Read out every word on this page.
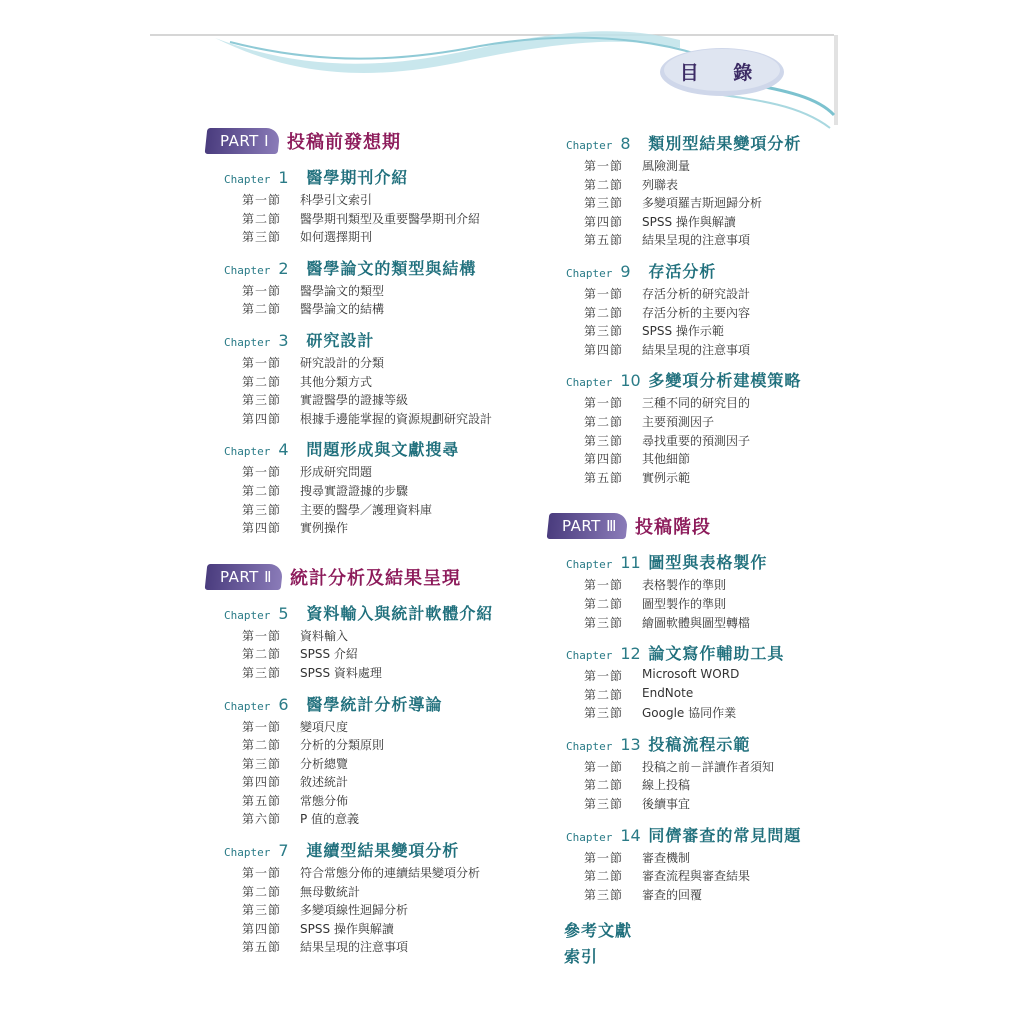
目 錄
PART Ⅰ 投稿前發想期
Chapter 1	醫學期刊介紹
第一節	科學引文索引
第二節	醫學期刊類型及重要醫學期刊介紹
第三節	如何選擇期刊
Chapter 2	醫學論文的類型與結構
第一節	醫學論文的類型
第二節	醫學論文的結構
Chapter 3	研究設計
第一節	研究設計的分類
第二節	其他分類方式
第三節	實證醫學的證據等級
第四節	根據手邊能掌握的資源規劃研究設計
Chapter 4	問題形成與文獻搜尋
第一節	形成研究問題
第二節	搜尋實證證據的步驟
第三節	主要的醫學／護理資料庫
第四節	實例操作
PART Ⅱ 統計分析及結果呈現
Chapter 5	資料輸入與統計軟體介紹
第一節	資料輸入
第二節	SPSS 介紹
第三節	SPSS 資料處理
Chapter 6	醫學統計分析導論
第一節	變項尺度
第二節	分析的分類原則
第三節	分析總覽
第四節	敘述統計
第五節	常態分佈
第六節	P 值的意義
Chapter 7	連續型結果變項分析
第一節	符合常態分佈的連續結果變項分析
第二節	無母數統計
第三節	多變項線性迴歸分析
第四節	SPSS 操作與解讀
第五節	結果呈現的注意事項
Chapter 8	類別型結果變項分析
第一節	風險測量
第二節	列聯表
第三節	多變項羅吉斯迴歸分析
第四節	SPSS 操作與解讀
第五節	結果呈現的注意事項
Chapter 9	存活分析
第一節	存活分析的研究設計
第二節	存活分析的主要內容
第三節	SPSS 操作示範
第四節	結果呈現的注意事項
Chapter 10 多變項分析建模策略
第一節	三種不同的研究目的
第二節	主要預測因子
第三節	尋找重要的預測因子
第四節	其他細節
第五節	實例示範
PART Ⅲ 投稿階段
Chapter 11 圖型與表格製作
第一節	表格製作的準則
第二節	圖型製作的準則
第三節	繪圖軟體與圖型轉檔
Chapter 12 論文寫作輔助工具
第一節	Microsoft WORD
第二節	EndNote
第三節	Google 協同作業
Chapter 13 投稿流程示範
第一節	投稿之前－詳讀作者須知
第二節	線上投稿
第三節	後續事宜
Chapter 14 同儕審查的常見問題
第一節	審查機制
第二節	審查流程與審查結果
第三節	審查的回覆
參考文獻
索引
